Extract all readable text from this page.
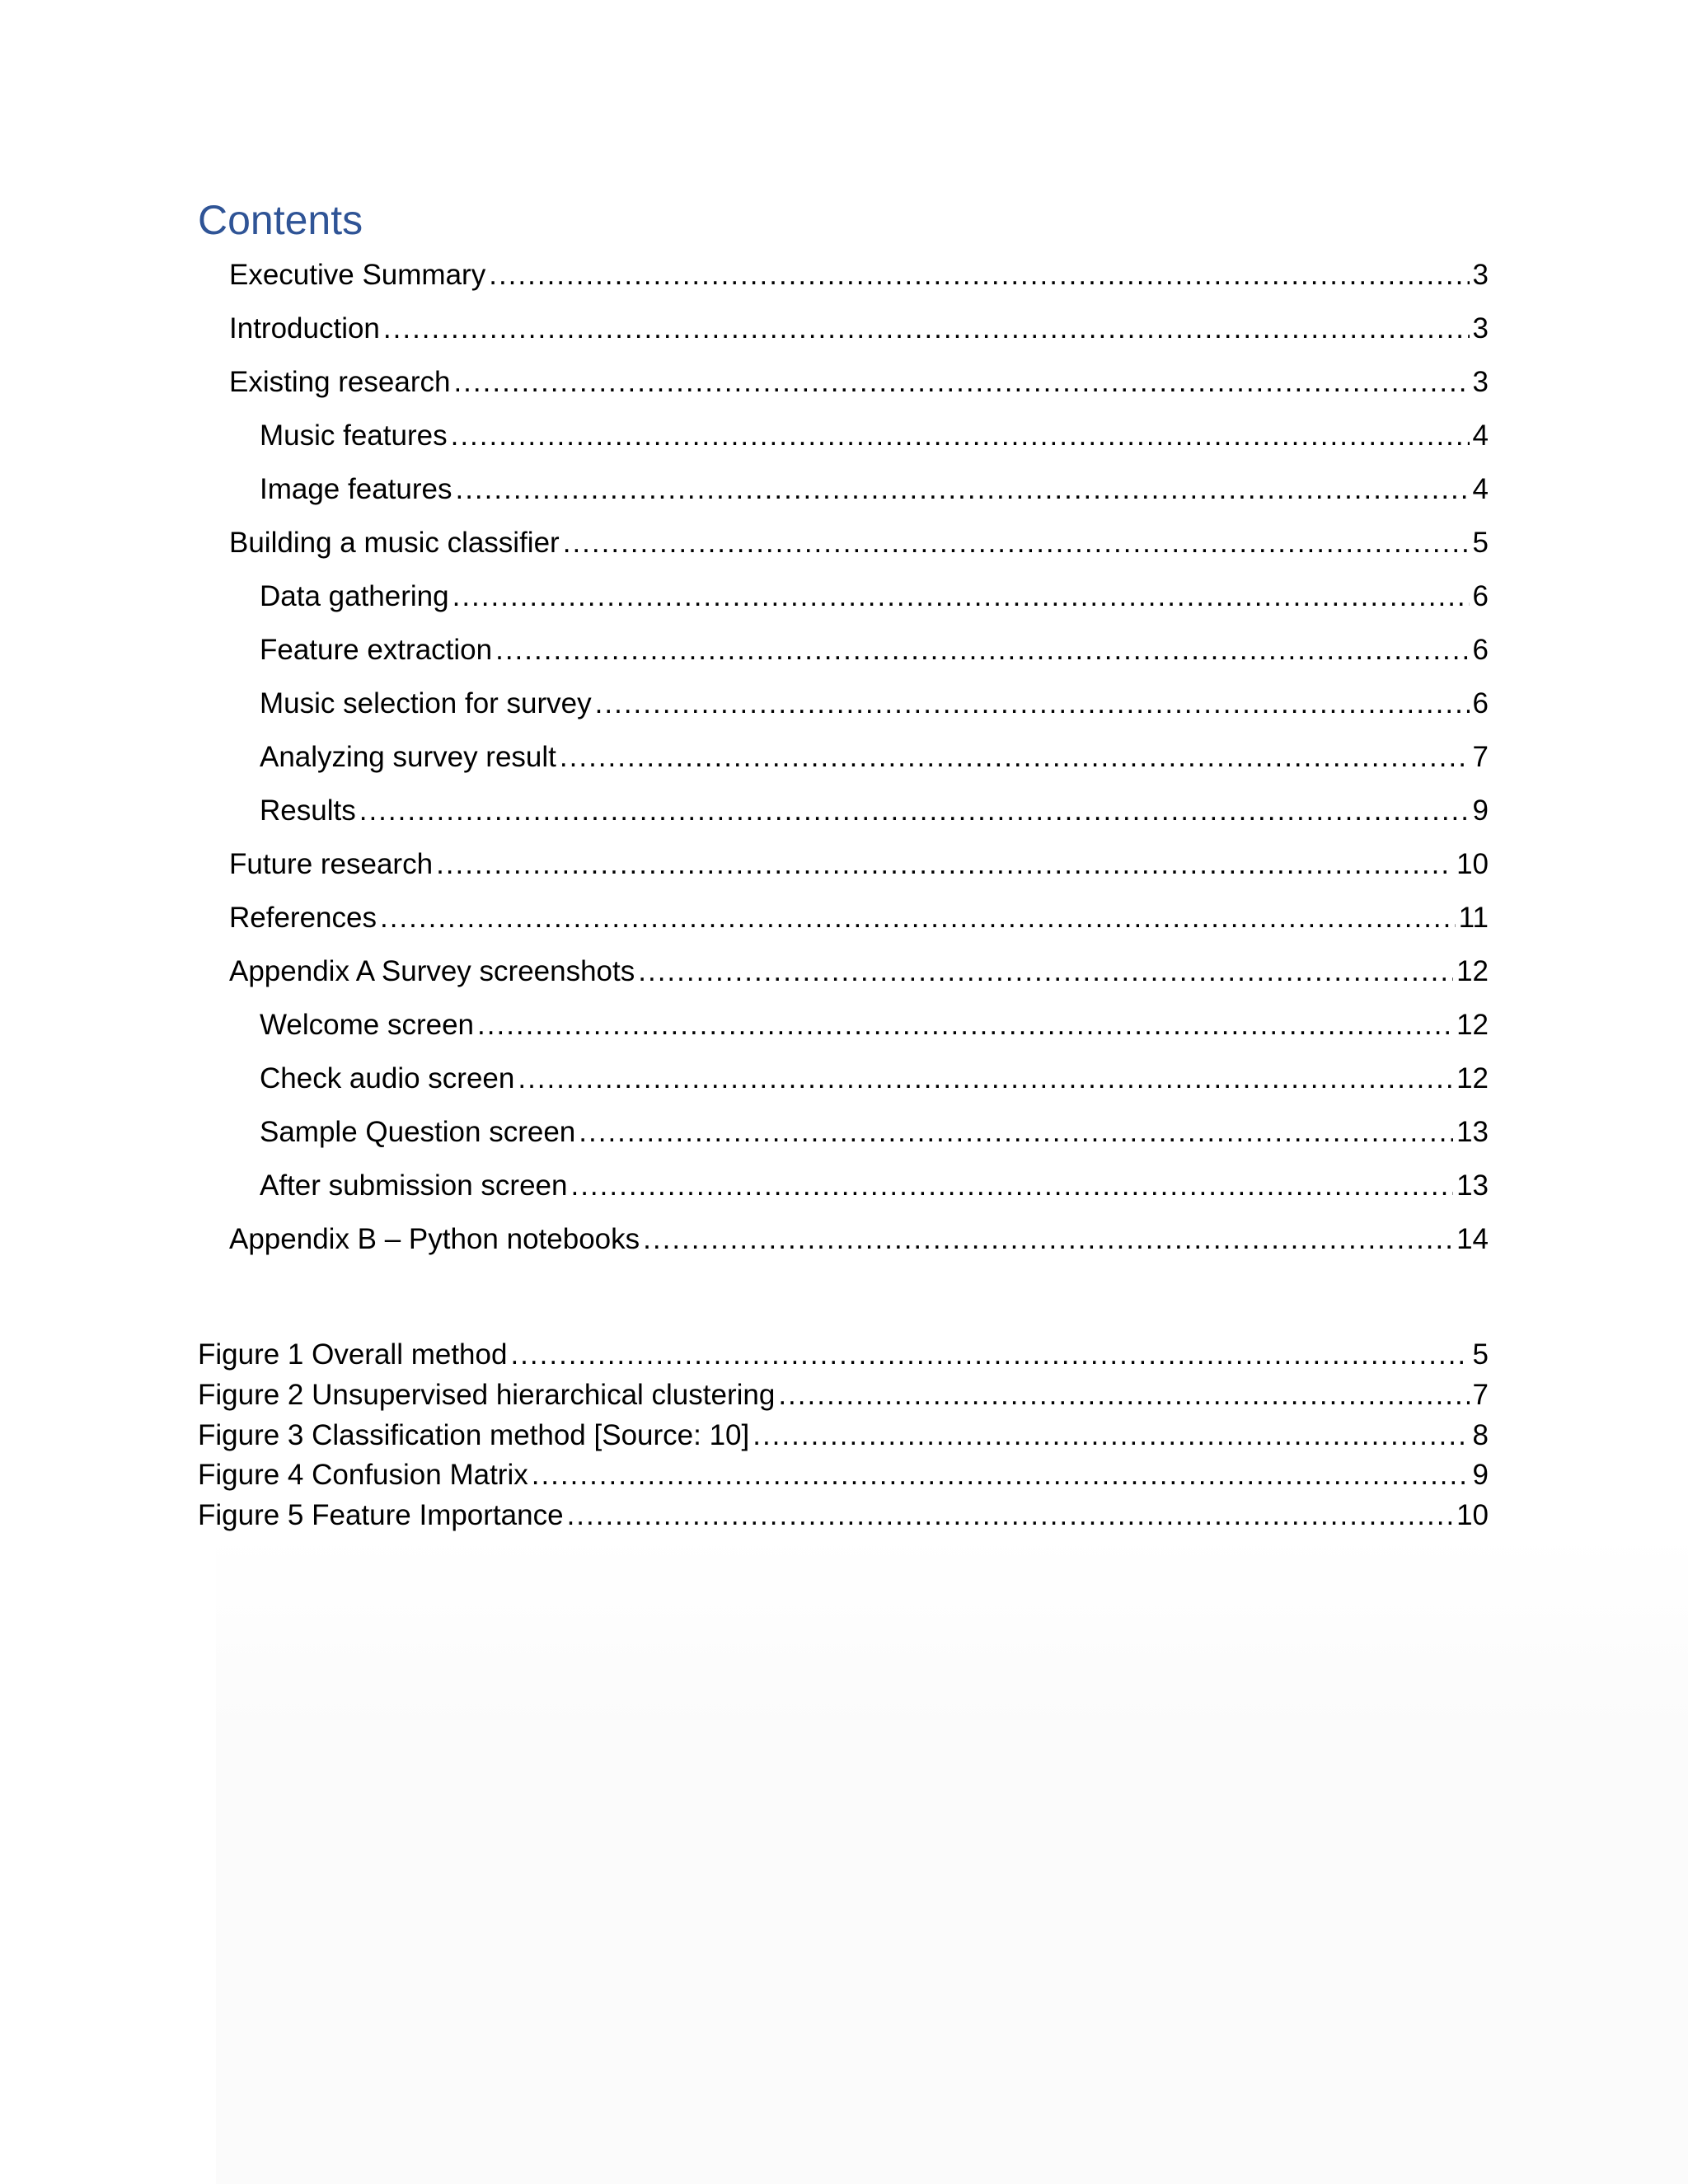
Contents
Executive Summary .....	3
Introduction .....	3
Existing research .....	3
Music features .....	4
Image features .....	4
Building a music classifier .....	5
Data gathering .....	6
Feature extraction .....	6
Music selection for survey .....	6
Analyzing survey result .....	7
Results .....	9
Future research .....	10
References .....	11
Appendix A Survey screenshots .....	12
Welcome screen .....	12
Check audio screen .....	12
Sample Question screen .....	13
After submission screen .....	13
Appendix B – Python notebooks .....	14
Figure 1 Overall method .....	5
Figure 2 Unsupervised hierarchical clustering .....	7
Figure 3 Classification method [Source: 10] .....	8
Figure 4 Confusion Matrix .....	9
Figure 5 Feature Importance .....	10
